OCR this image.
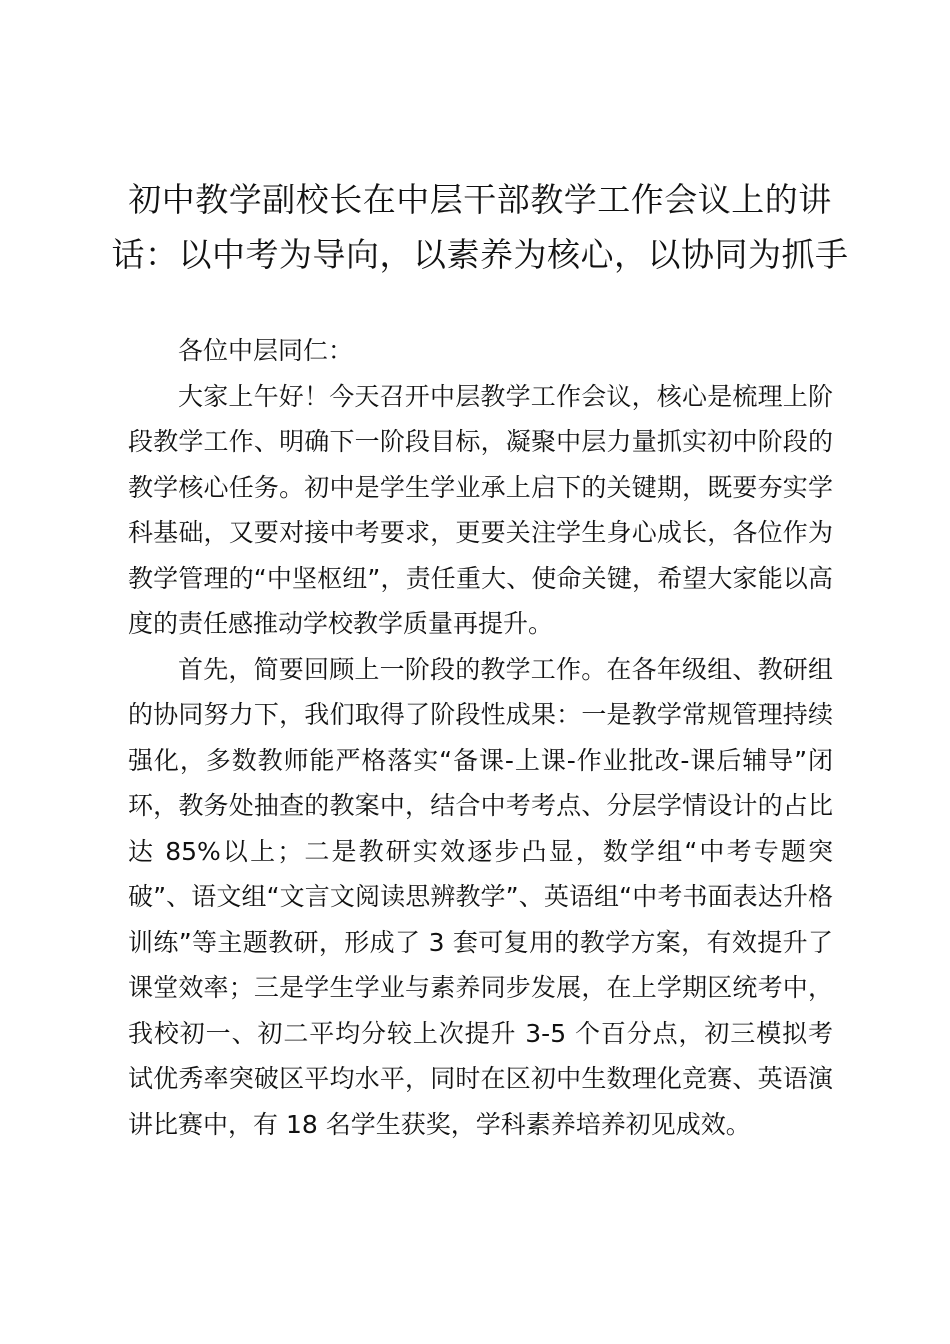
初中教学副校长在中层干部教学工作会议上的讲话：以中考为导向，以素养为核心，以协同为抓手

各位中层同仁：

大家上午好！今天召开中层教学工作会议，核心是梳理上阶段教学工作、明确下一阶段目标，凝聚中层力量抓实初中阶段的教学核心任务。初中是学生学业承上启下的关键期，既要夯实学科基础，又要对接中考要求，更要关注学生身心成长，各位作为教学管理的“中坚枢纽”，责任重大、使命关键，希望大家能以高度的责任感推动学校教学质量再提升。

首先，简要回顾上一阶段的教学工作。在各年级组、教研组的协同努力下，我们取得了阶段性成果：一是教学常规管理持续强化，多数教师能严格落实“备课-上课-作业批改-课后辅导”闭环，教务处抽查的教案中，结合中考考点、分层学情设计的占比达 85%以上；二是教研实效逐步凸显，数学组“中考专题突破”、语文组“文言文阅读思辨教学”、英语组“中考书面表达升格训练”等主题教研，形成了 3 套可复用的教学方案，有效提升了课堂效率；三是学生学业与素养同步发展，在上学期区统考中，我校初一、初二平均分较上次提升 3-5 个百分点，初三模拟考试优秀率突破区平均水平，同时在区初中生数理化竞赛、英语演讲比赛中，有 18 名学生获奖，学科素养培养初见成效。
